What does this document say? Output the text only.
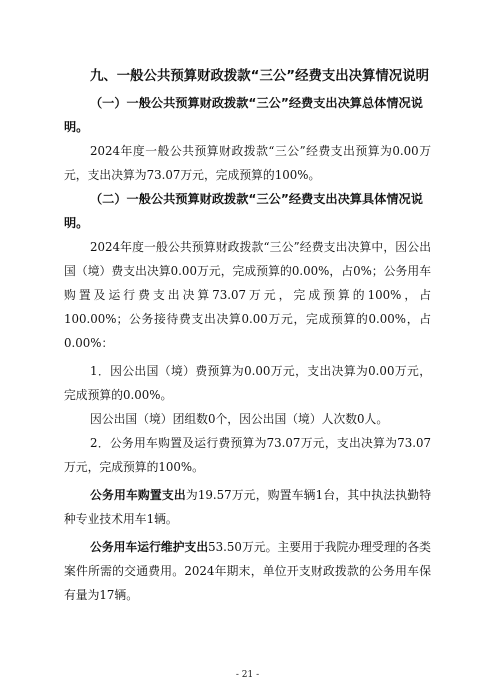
九、一般公共预算财政拨款“三公”经费支出决算情况说明

（一）一般公共预算财政拨款“三公”经费支出决算总体情况说明。

2024年度一般公共预算财政拨款“三公”经费支出预算为0.00万元，支出决算为73.07万元，完成预算的100%。

（二）一般公共预算财政拨款“三公”经费支出决算具体情况说明。

2024年度一般公共预算财政拨款“三公”经费支出决算中，因公出国（境）费支出决算0.00万元，完成预算的0.00%，占0%；公务用车购置及运行费支出决算73.07万元，完成预算的100%，占100.00%；公务接待费支出决算0.00万元，完成预算的0.00%，占0.00%：

1．因公出国（境）费预算为0.00万元，支出决算为0.00万元，完成预算的0.00%。

因公出国（境）团组数0个，因公出国（境）人次数0人。

2．公务用车购置及运行费预算为73.07万元，支出决算为73.07万元，完成预算的100%。

公务用车购置支出为19.57万元，购置车辆1台，其中执法执勤特种专业技术用车1辆。

公务用车运行维护支出53.50万元。主要用于我院办理受理的各类案件所需的交通费用。2024年期末，单位开支财政拨款的公务用车保有量为17辆。

- 21 -
